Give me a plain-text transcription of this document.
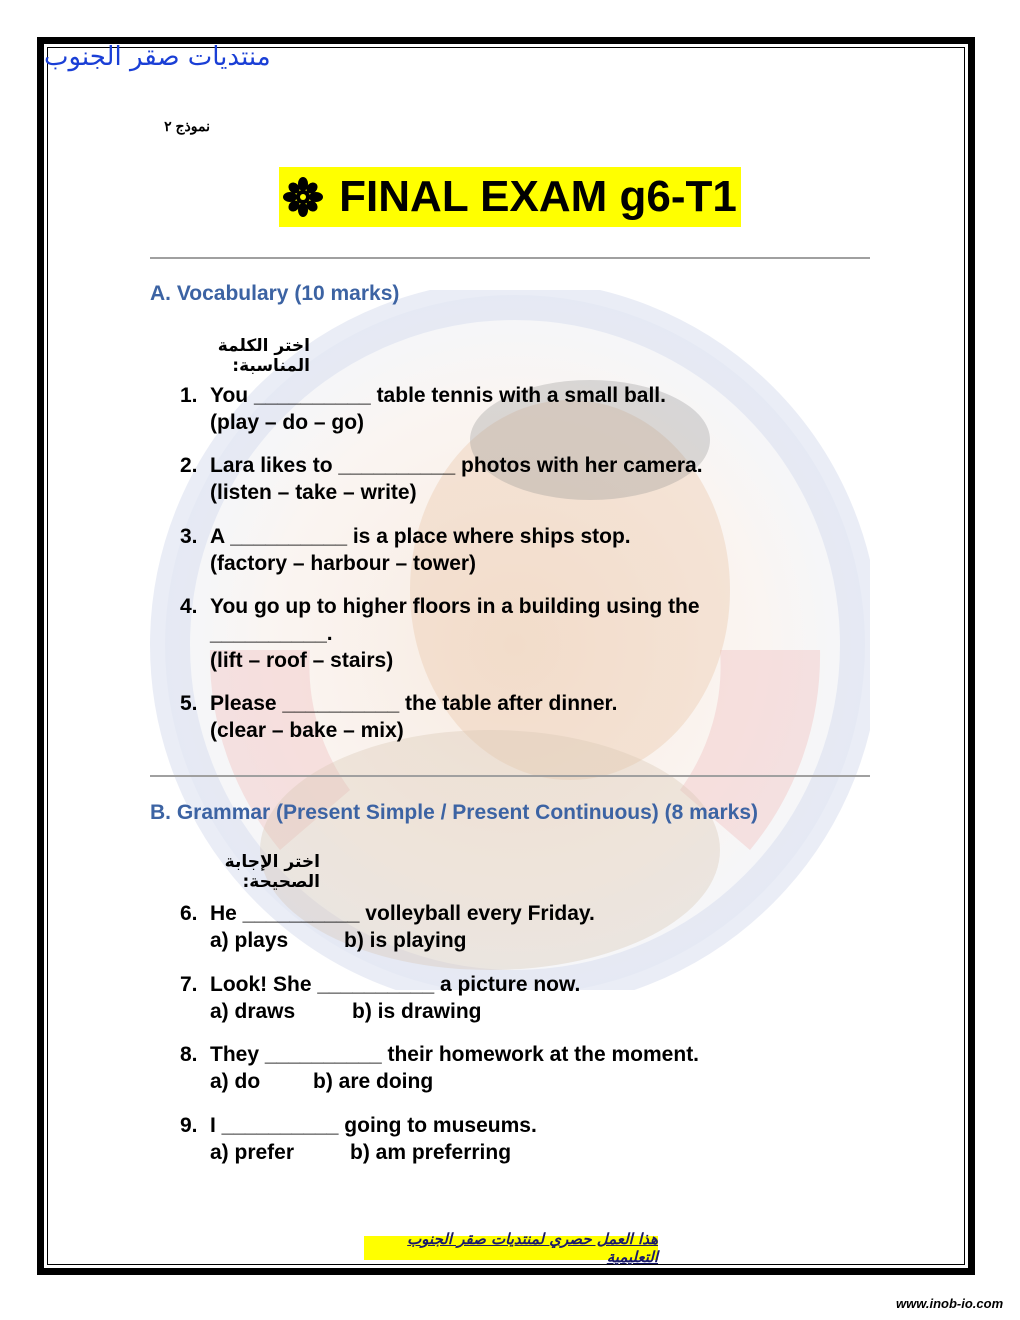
منتديات صقر الجنوب
نموذج ٢
FINAL EXAM g6-T1
A. Vocabulary (10 marks)
اختر الكلمة المناسبة:
1. You __________ table tennis with a small ball.
(play – do – go)
2. Lara likes to __________ photos with her camera.
(listen – take – write)
3. A __________ is a place where ships stop.
(factory – harbour – tower)
4. You go up to higher floors in a building using the
__________.
(lift – roof – stairs)
5. Please __________ the table after dinner.
(clear – bake – mix)
B. Grammar (Present Simple / Present Continuous) (8 marks)
اختر الإجابة الصحيحة:
6. He __________ volleyball every Friday.
a) plays	b) is playing
7. Look! She __________ a picture now.
a) draws	b) is drawing
8. They __________ their homework at the moment.
a) do	b) are doing
9. I __________ going to museums.
a) prefer	b) am preferring
هذا العمل حصري لمنتديات صقر الجنوب التعليمية
www.inob-io.com
